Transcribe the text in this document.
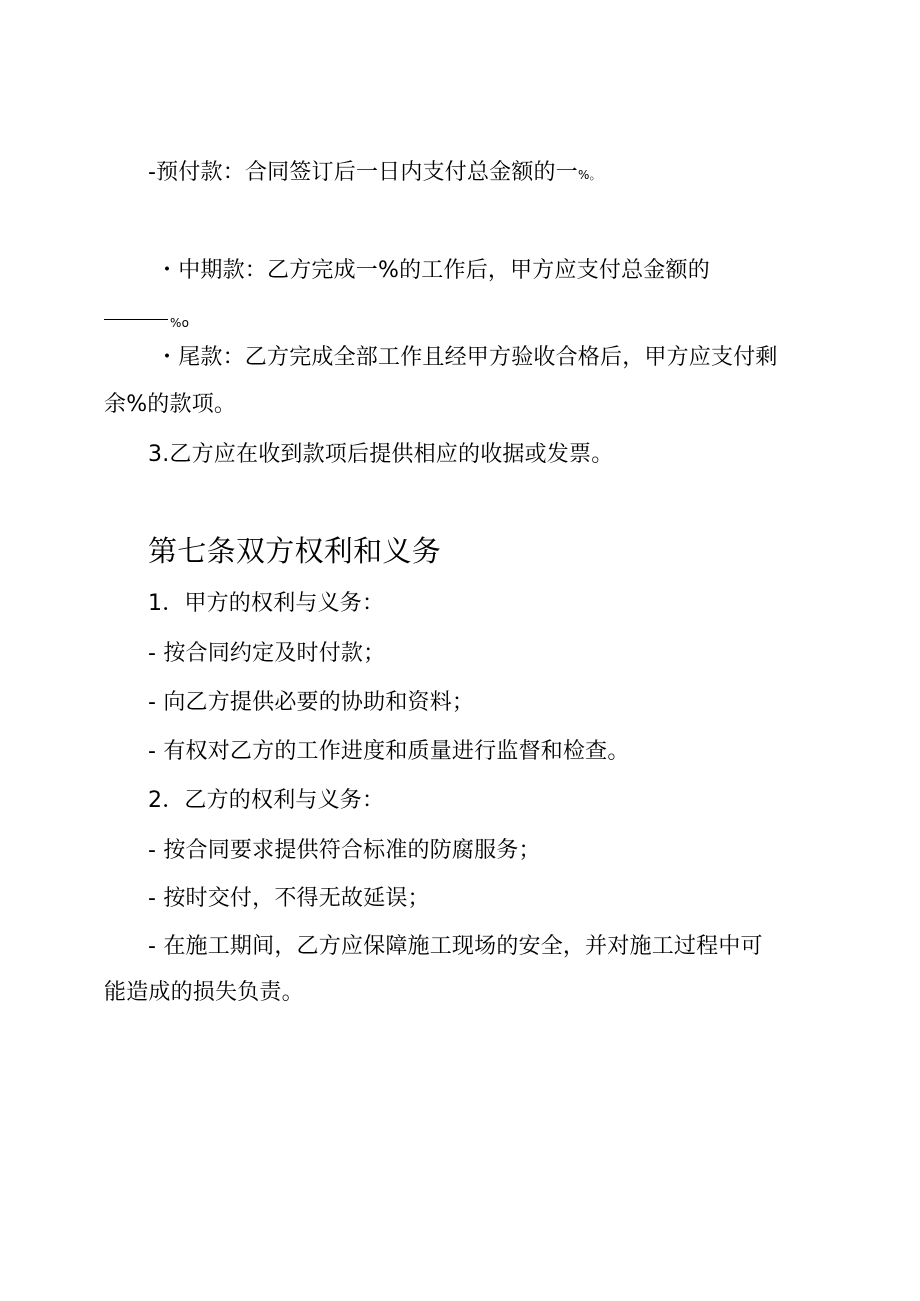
-预付款：合同签订后一日内支付总金额的一%。
・中期款：乙方完成一%的工作后，甲方应支付总金额的
%o
・尾款：乙方完成全部工作且经甲方验收合格后，甲方应支付剩
余%的款项。
3.乙方应在收到款项后提供相应的收据或发票。
第七条双方权利和义务
1．甲方的权利与义务：
- 按合同约定及时付款；
- 向乙方提供必要的协助和资料；
- 有权对乙方的工作进度和质量进行监督和检查。
2．乙方的权利与义务：
- 按合同要求提供符合标准的防腐服务；
- 按时交付，不得无故延误；
- 在施工期间，乙方应保障施工现场的安全，并对施工过程中可
能造成的损失负责。
